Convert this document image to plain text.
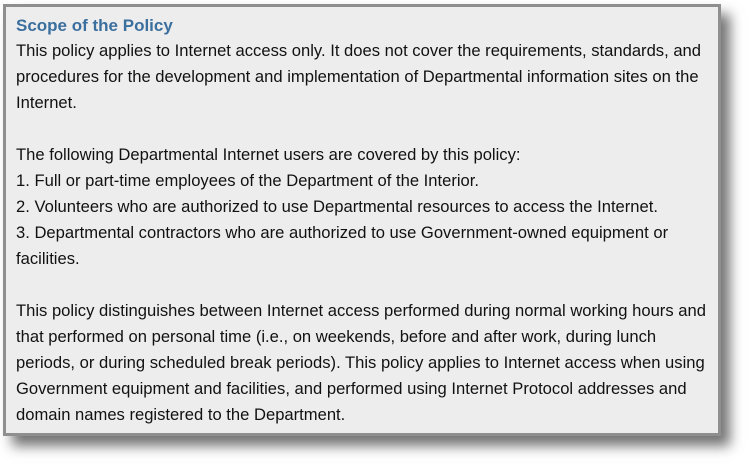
Scope of the Policy

This policy applies to Internet access only. It does not cover the requirements, standards, and procedures for the development and implementation of Departmental information sites on the Internet.

The following Departmental Internet users are covered by this policy:

1. Full or part-time employees of the Department of the Interior.

2. Volunteers who are authorized to use Departmental resources to access the Internet.

3. Departmental contractors who are authorized to use Government-owned equipment or facilities.

This policy distinguishes between Internet access performed during normal working hours and that performed on personal time (i.e., on weekends, before and after work, during lunch periods, or during scheduled break periods). This policy applies to Internet access when using Government equipment and facilities, and performed using Internet Protocol addresses and domain names registered to the Department.
